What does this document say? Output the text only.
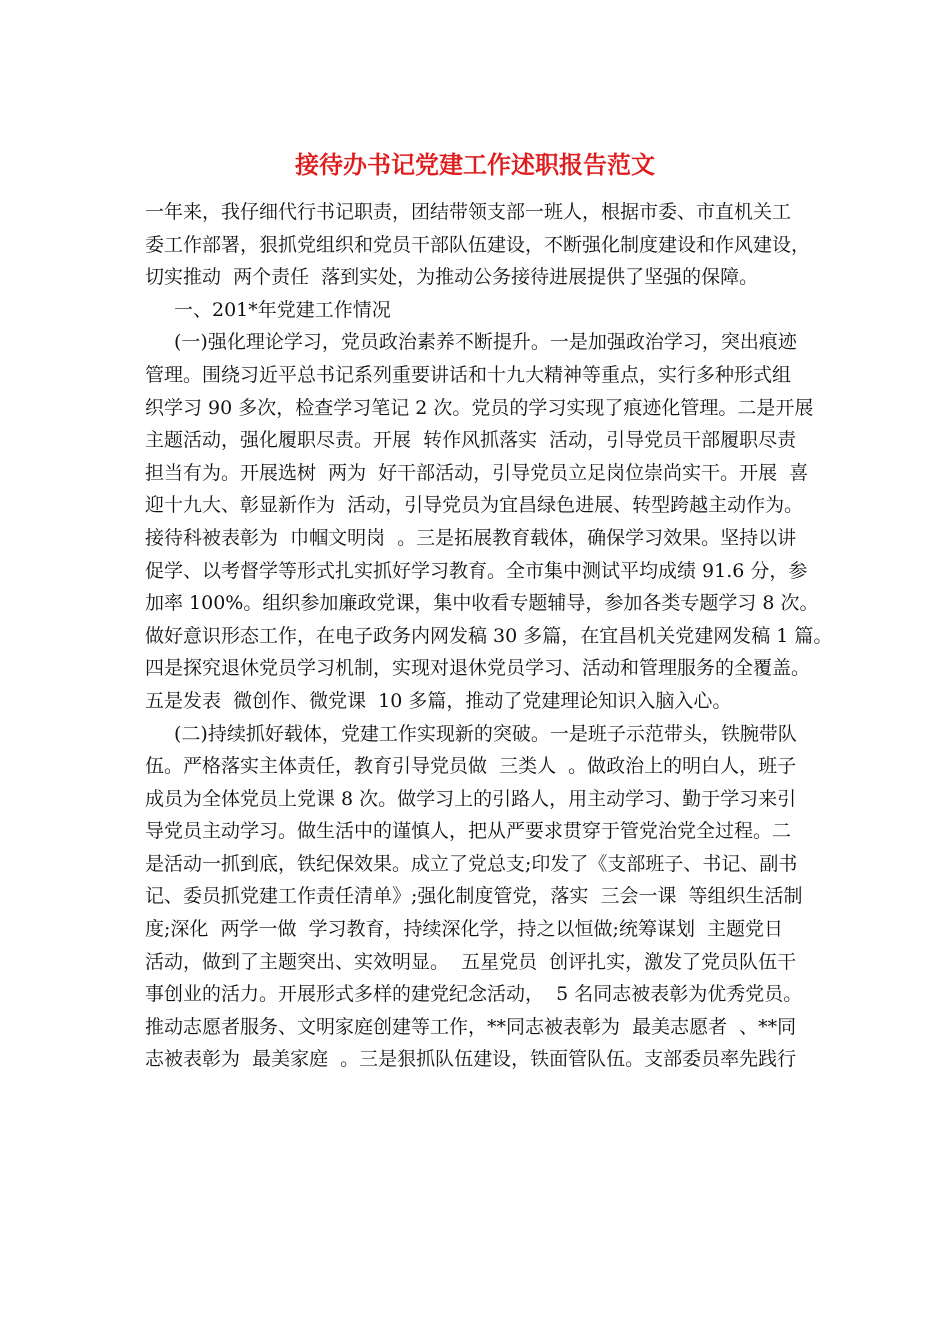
接待办书记党建工作述职报告范文
一年来，我仔细代行书记职责，团结带领支部一班人，根据市委、市直机关工
委工作部署，狠抓党组织和党员干部队伍建设，不断强化制度建设和作风建设，
切实推动  两个责任  落到实处，为推动公务接待进展提供了坚强的保障。
一、201*年党建工作情况
(一)强化理论学习，党员政治素养不断提升。一是加强政治学习，突出痕迹
管理。围绕习近平总书记系列重要讲话和十九大精神等重点，实行多种形式组
织学习 90 多次，检查学习笔记 2 次。党员的学习实现了痕迹化管理。二是开展
主题活动，强化履职尽责。开展  转作风抓落实  活动，引导党员干部履职尽责
担当有为。开展选树  两为  好干部活动，引导党员立足岗位崇尚实干。开展  喜
迎十九大、彰显新作为  活动，引导党员为宜昌绿色进展、转型跨越主动作为。
接待科被表彰为  巾帼文明岗  。三是拓展教育载体，确保学习效果。坚持以讲
促学、以考督学等形式扎实抓好学习教育。全市集中测试平均成绩 91.6 分，参
加率 100%。组织参加廉政党课，集中收看专题辅导，参加各类专题学习 8 次。
做好意识形态工作，在电子政务内网发稿 30 多篇，在宜昌机关党建网发稿 1 篇。
四是探究退休党员学习机制，实现对退休党员学习、活动和管理服务的全覆盖。
五是发表  微创作、微党课  10 多篇，推动了党建理论知识入脑入心。
(二)持续抓好载体，党建工作实现新的突破。一是班子示范带头，铁腕带队
伍。严格落实主体责任，教育引导党员做  三类人  。做政治上的明白人，班子
成员为全体党员上党课 8 次。做学习上的引路人，用主动学习、勤于学习来引
导党员主动学习。做生活中的谨慎人，把从严要求贯穿于管党治党全过程。二
是活动一抓到底，铁纪保效果。成立了党总支;印发了《支部班子、书记、副书
记、委员抓党建工作责任清单》;强化制度管党，落实  三会一课  等组织生活制
度;深化  两学一做  学习教育，持续深化学，持之以恒做;统筹谋划  主题党日
活动，做到了主题突出、实效明显。  五星党员  创评扎实，激发了党员队伍干
事创业的活力。开展形式多样的建党纪念活动，  5 名同志被表彰为优秀党员。
推动志愿者服务、文明家庭创建等工作，**同志被表彰为  最美志愿者  、**同
志被表彰为  最美家庭  。三是狠抓队伍建设，铁面管队伍。支部委员率先践行
